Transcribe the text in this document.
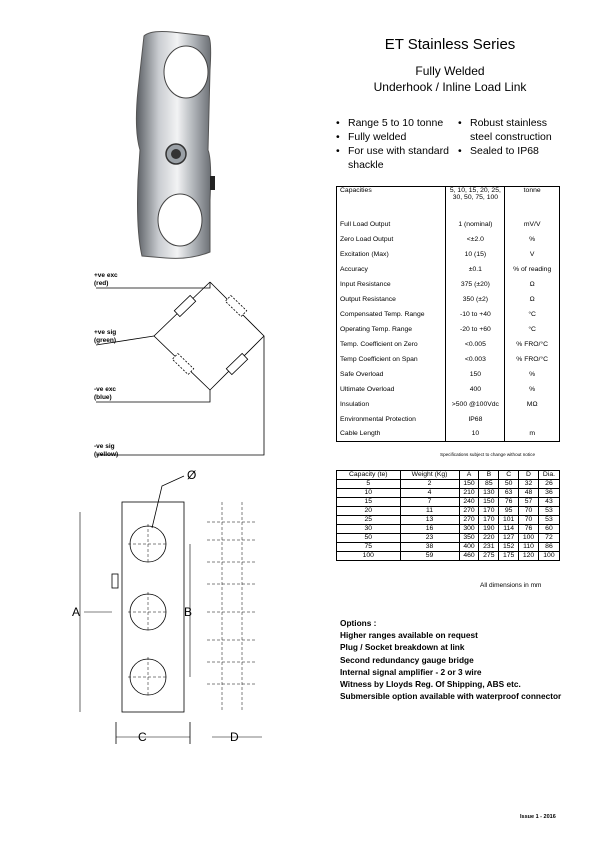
ET Stainless Series
Fully Welded
Underhook / Inline Load Link
• Range 5 to 10 tonne
• Fully welded
• For use with standard shackle
• Robust stainless steel construction
• Sealed to IP68
Capacities	5, 10, 15, 20, 25, 30, 50, 75, 100	tonne
Full Load Output	1 (nominal)	mV/V
Zero Load Output	<±2.0	%
Excitation (Max)	10 (15)	V
Accuracy	±0.1	% of reading
Input Resistance	375 (±20)	Ω
Output Resistance	350 (±2)	Ω
Compensated Temp. Range	-10 to +40	°C
Operating Temp. Range	-20 to +60	°C
Temp. Coefficient on Zero	<0.005	% FRO/°C
Temp Coefficient on Span	<0.003	% FRO/°C
Safe Overload	150	%
Ultimate Overload	400	%
Insulation	>500 @100Vdc	MΩ
Environmental Protection	IP68	
Cable Length	10	m
Specifications subject to change without notice
Capacity (te)	Weight (Kg)	A	B	C	D	Dia.
5	2	150	85	50	32	26
10	4	210	130	63	48	36
15	7	240	150	76	57	43
20	11	270	170	95	70	53
25	13	270	170	101	70	53
30	16	300	190	114	76	60
50	23	350	220	127	100	72
75	38	400	231	152	110	86
100	59	460	275	175	120	100
All dimensions in mm
Options :
Higher ranges available on request
Plug / Socket breakdown at link
Second redundancy gauge bridge
Internal signal amplifier - 2 or 3 wire
Witness by Lloyds Reg. Of Shipping, ABS etc.
Submersible option available with waterproof connector
+ve exc
(red)
+ve sig
(green)
-ve exc
(blue)
-ve sig
(yellow)
Ø
A	B
C	D
Issue 1 - 2016
